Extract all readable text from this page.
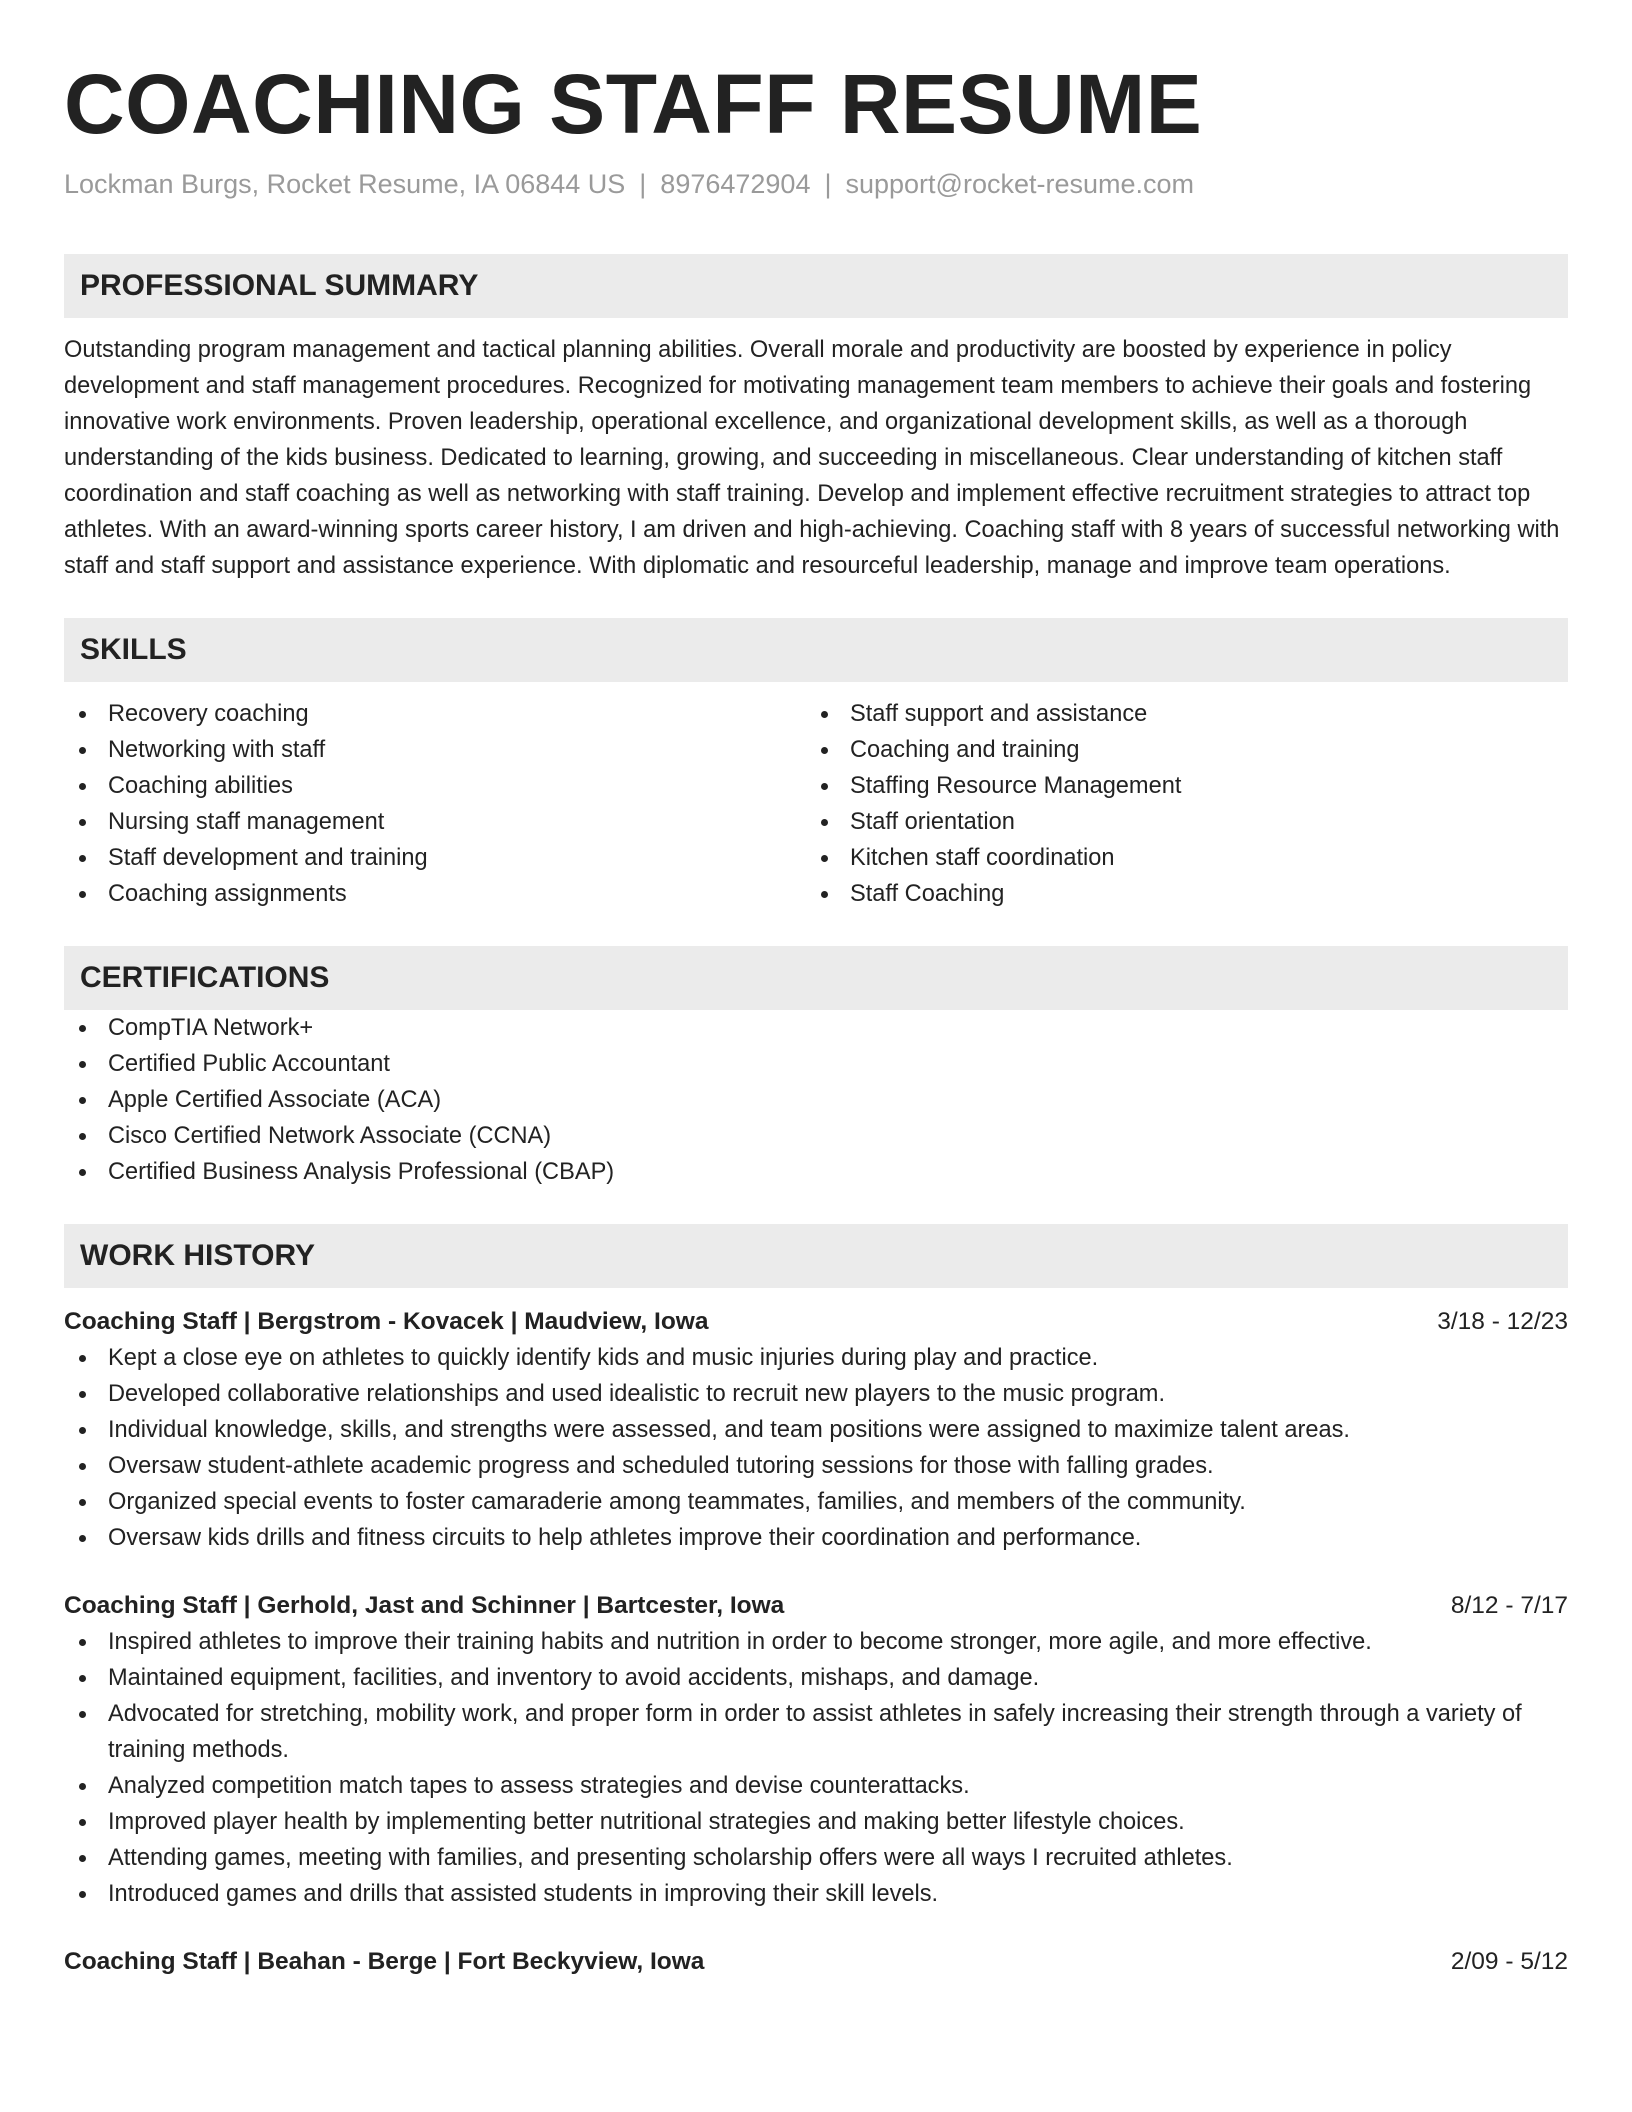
COACHING STAFF RESUME
Lockman Burgs, Rocket Resume, IA 06844 US | 8976472904 | support@rocket-resume.com
PROFESSIONAL SUMMARY
Outstanding program management and tactical planning abilities. Overall morale and productivity are boosted by experience in policy development and staff management procedures. Recognized for motivating management team members to achieve their goals and fostering innovative work environments. Proven leadership, operational excellence, and organizational development skills, as well as a thorough understanding of the kids business. Dedicated to learning, growing, and succeeding in miscellaneous. Clear understanding of kitchen staff coordination and staff coaching as well as networking with staff training. Develop and implement effective recruitment strategies to attract top athletes. With an award-winning sports career history, I am driven and high-achieving. Coaching staff with 8 years of successful networking with staff and staff support and assistance experience. With diplomatic and resourceful leadership, manage and improve team operations.
SKILLS
Recovery coaching
Networking with staff
Coaching abilities
Nursing staff management
Staff development and training
Coaching assignments
Staff support and assistance
Coaching and training
Staffing Resource Management
Staff orientation
Kitchen staff coordination
Staff Coaching
CERTIFICATIONS
CompTIA Network+
Certified Public Accountant
Apple Certified Associate (ACA)
Cisco Certified Network Associate (CCNA)
Certified Business Analysis Professional (CBAP)
WORK HISTORY
Coaching Staff | Bergstrom - Kovacek | Maudview, Iowa	3/18 - 12/23
Kept a close eye on athletes to quickly identify kids and music injuries during play and practice.
Developed collaborative relationships and used idealistic to recruit new players to the music program.
Individual knowledge, skills, and strengths were assessed, and team positions were assigned to maximize talent areas.
Oversaw student-athlete academic progress and scheduled tutoring sessions for those with falling grades.
Organized special events to foster camaraderie among teammates, families, and members of the community.
Oversaw kids drills and fitness circuits to help athletes improve their coordination and performance.
Coaching Staff | Gerhold, Jast and Schinner | Bartcester, Iowa	8/12 - 7/17
Inspired athletes to improve their training habits and nutrition in order to become stronger, more agile, and more effective.
Maintained equipment, facilities, and inventory to avoid accidents, mishaps, and damage.
Advocated for stretching, mobility work, and proper form in order to assist athletes in safely increasing their strength through a variety of training methods.
Analyzed competition match tapes to assess strategies and devise counterattacks.
Improved player health by implementing better nutritional strategies and making better lifestyle choices.
Attending games, meeting with families, and presenting scholarship offers were all ways I recruited athletes.
Introduced games and drills that assisted students in improving their skill levels.
Coaching Staff | Beahan - Berge | Fort Beckyview, Iowa	2/09 - 5/12
